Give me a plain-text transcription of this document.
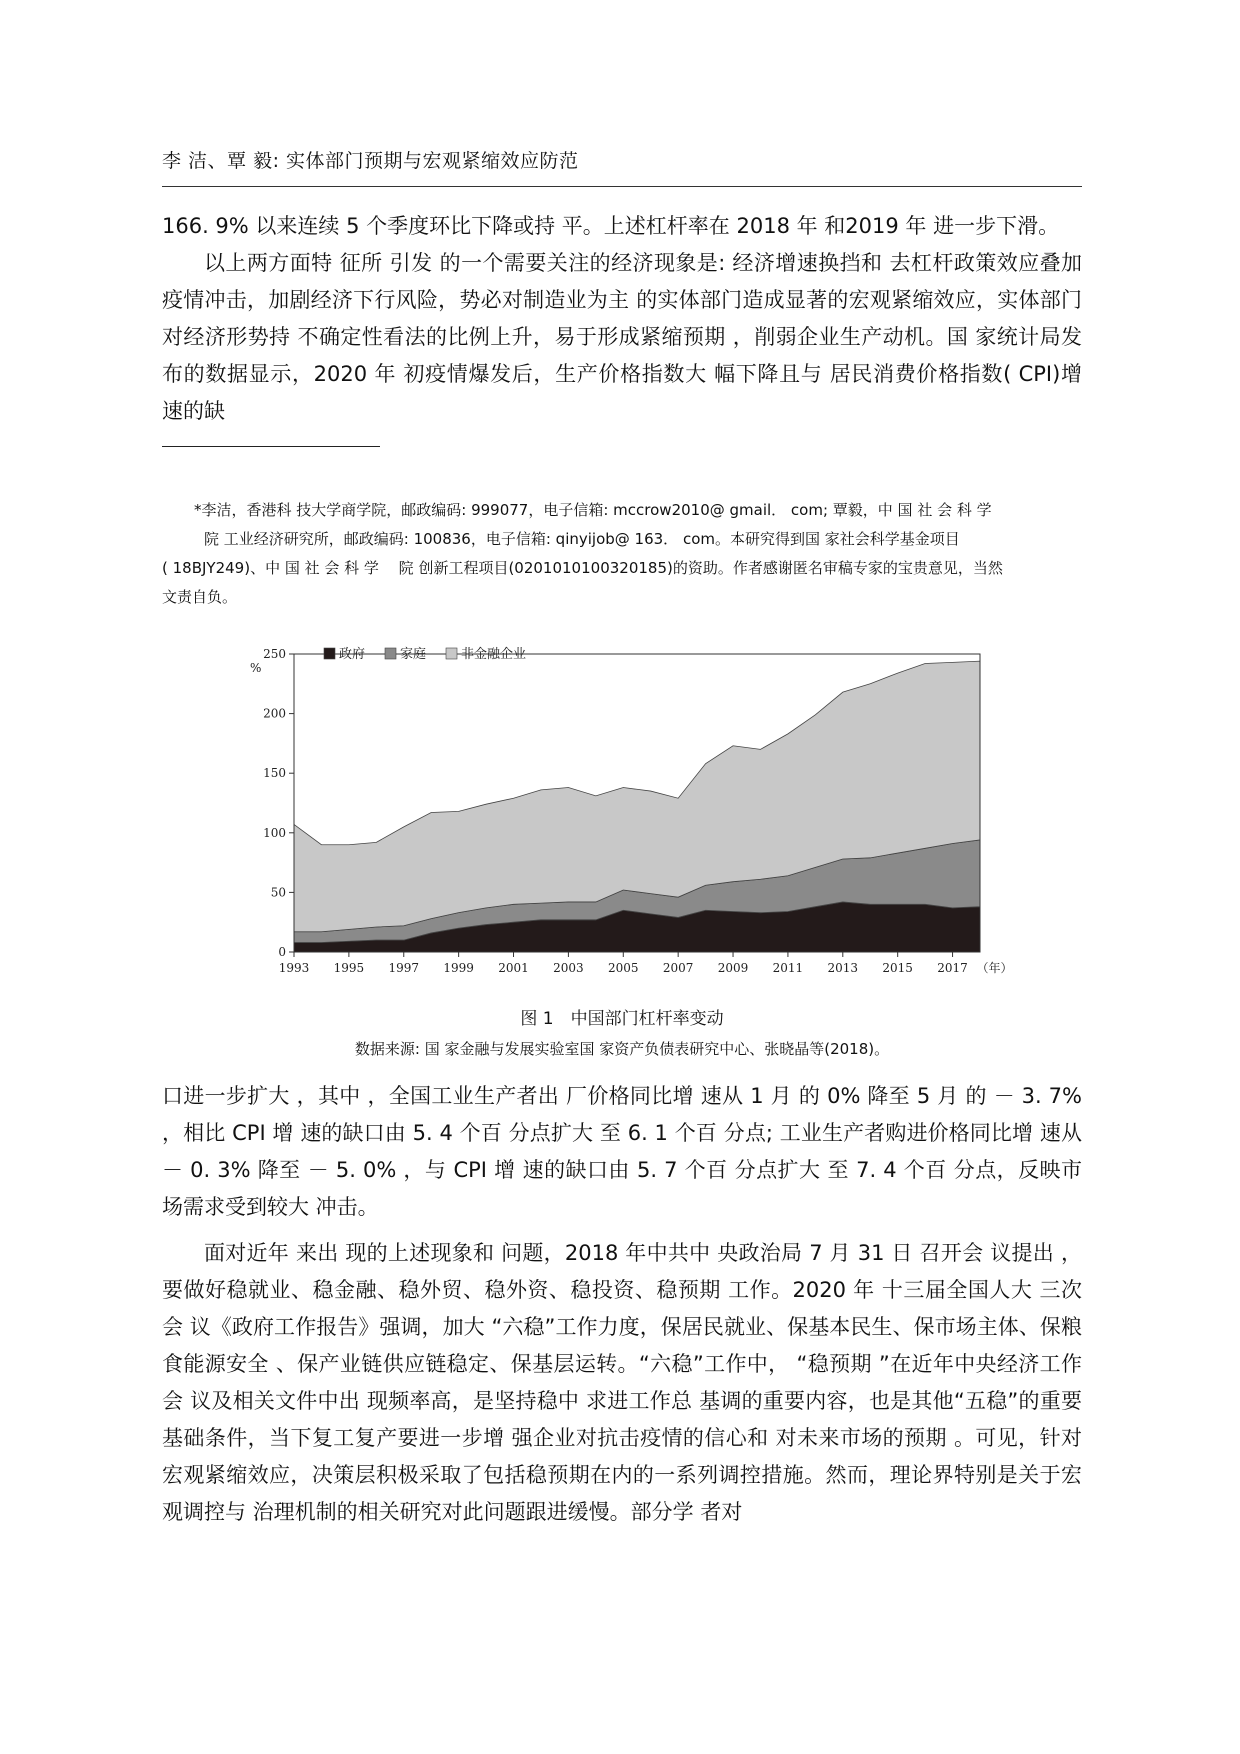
李 洁、覃 毅: 实体部门预期与宏观紧缩效应防范

166. 9% 以来连续 5 个季度环比下降或持 平。上述杠杆率在 2018 年 和2019 年 进一步下滑。

以上两方面特 征所 引发 的一个需要关注的经济现象是: 经济增速换挡和 去杠杆政策效应叠加疫情冲击，加剧经济下行风险，势必对制造业为主 的实体部门造成显著的宏观紧缩效应，实体部门对经济形势持 不确定性看法的比例上升，易于形成紧缩预期 ，削弱企业生产动机。国 家统计局发布的数据显示，2020 年 初疫情爆发后，生产价格指数大 幅下降且与 居民消费价格指数( CPI)增 速的缺

*李洁，香港科 技大学商学院，邮政编码: 999077，电子信箱: mccrow2010@ gmail． com; 覃毅，中 国 社 会 科 学
院 工业经济研究所，邮政编码: 100836，电子信箱: qinyijob@ 163． com。本研究得到国 家社会科学基金项目
( 18BJY249)、中 国 社 会 科 学　 院 创新工程项目(0201010100320185)的资助。作者感谢匿名审稿专家的宝贵意见，当然
文责自负。
0
50
100
150
200
250
%
1993 1995 1997 1999 2001 2003 2005 2007 2009 2011 2013 2015 2017 （年）
政府	家庭	非金融企业
图 1　中国部门杠杆率变动
数据来源: 国 家金融与发展实验室国 家资产负债表研究中心、张晓晶等(2018)。

口进一步扩大 ，其中 ，全国工业生产者出 厂价格同比增 速从 1 月 的 0% 降至 5 月 的 － 3. 7% ，相比 CPI 增 速的缺口由 5. 4 个百 分点扩大 至 6. 1 个百 分点; 工业生产者购进价格同比增 速从 － 0. 3% 降至 － 5. 0% ，与 CPI 增 速的缺口由 5. 7 个百 分点扩大 至 7. 4 个百 分点，反映市场需求受到较大 冲击。

面对近年 来出 现的上述现象和 问题，2018 年中共中 央政治局 7 月 31 日 召开会 议提出 ，要做好稳就业、稳金融、稳外贸、稳外资、稳投资、稳预期 工作。2020 年 十三届全国人大 三次会 议《政府工作报告》强调，加大 “六稳”工作力度，保居民就业、保基本民生、保市场主体、保粮食能源安全 、保产业链供应链稳定、保基层运转。“六稳”工作中， “稳预期 ”在近年中央经济工作会 议及相关文件中出 现频率高，是坚持稳中 求进工作总 基调的重要内容，也是其他“五稳”的重要基础条件，当下复工复产要进一步增 强企业对抗击疫情的信心和 对未来市场的预期 。可见，针对宏观紧缩效应，决策层积极采取了包括稳预期在内的一系列调控措施。然而，理论界特别是关于宏观调控与 治理机制的相关研究对此问题跟进缓慢。部分学 者对
